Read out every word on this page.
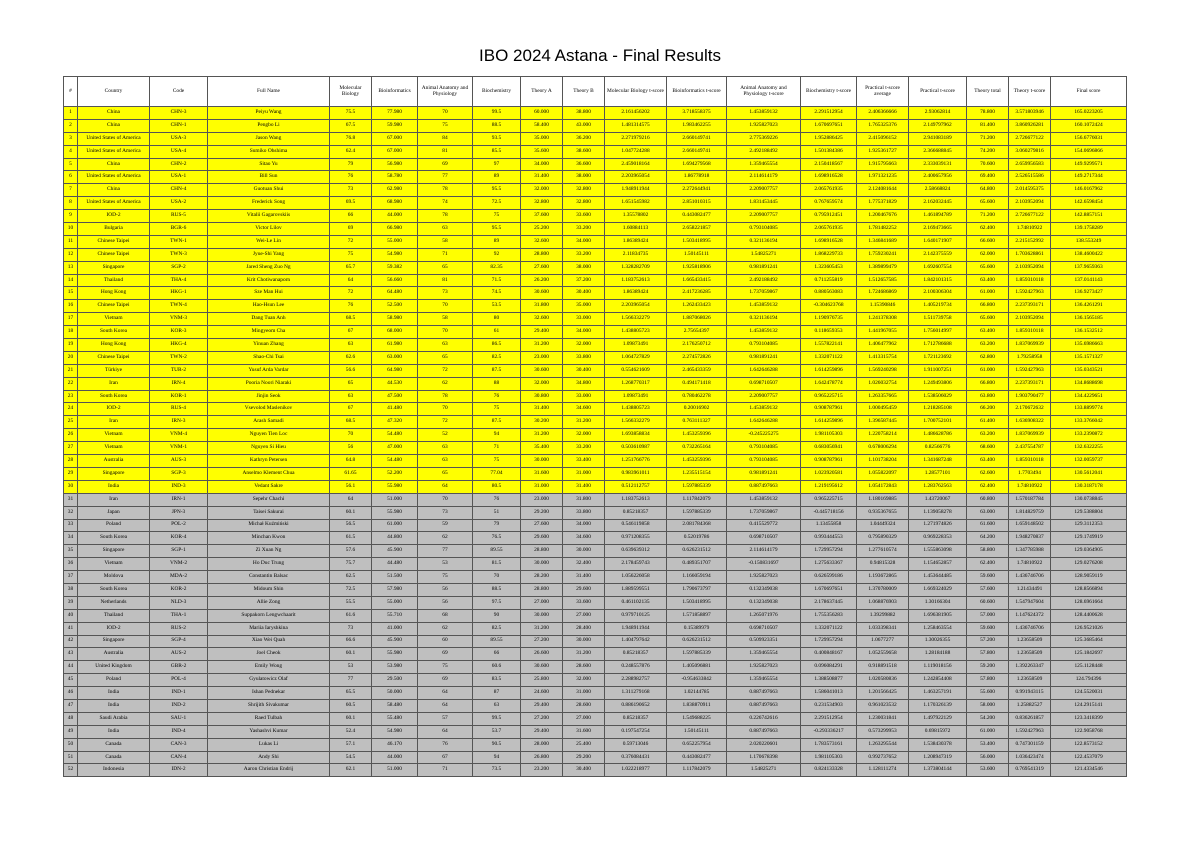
IBO 2024 Astana - Final Results
#	Country	Code	Full Name	Molecular Biology	Bioinformatics	Animal Anatomy and Physiology	Biochemistry	Theory A	Theory B	Molecular Biology t-score	Bioinformatics t-score	Animal Anatomy and Physiology t-score	Biochemistry t-score	Practical t-score average	Practical t-score	Theory total	Theory t-score	Final score
1	China	CHN-3	Peiyu Wang	75.5	77.980	70	99.5	60.000	38.800	2.161456202	3.718558375	1.453859132	2.291512954	2.406366666	2.93062814	78.800	3.571803946	165.0223205
2	China	CHN-1	Pengbo Li	67.5	59.980	75	88.5	58.400	43.000	1.481314575	1.983462255	1.925827023	1.670697651	1.765325376	2.149797962	81.400	3.860926281	160.1072424
3	United States of America	USA-3	Jason Wang	76.8	67.000	84	93.5	35.000	36.200	2.271979216	2.660149741	2.775369226	1.952886425	2.415096152	2.941083189	71.200	2.726677122	156.6776031
4	United States of America	USA-4	Sumiko Ohshima	62.4	67.000	81	85.5	35.600	38.600	1.047724288	2.660149741	2.492188492	1.501384386	1.925361727	2.366688845	74.200	3.060279816	154.0696866
5	China	CHN-2	Sitao Yu	79	56.980	69	97	34.000	36.600	2.459018164	1.694279568	1.359465554	2.150418567	1.915795663	2.333039131	70.600	2.659956583	149.9299571
6	United States of America	USA-1	Bill Sun	76	58.780	77	89	31.400	38.000	2.203965054	1.86778918	2.114614179	1.698916528	1.971321235	2.400657956	69.400	2.526515586	149.2717344
7	China	CHN-4	Guotuan Shui	73	62.980	78	95.5	32.000	32.800	1.948911944	2.272644941	2.209007757	2.065761935	2.124081644	2.58668824	64.800	2.014595375	146.0167962
8	United States of America	USA-2	Frederick Song	69.5	68.980	74	72.5	32.800	32.800	1.651545982	2.851010315	1.831453445	0.767659574	1.775371829	2.162032445	65.600	2.103952094	142.6598454
9	IOD-2	RUS-5	Vitalii Gagarovskiis	66	44.000	78	75	37.600	33.600	1.35578802	0.443082477	2.209007757	0.795912451	1.200467676	1.461894789	71.200	2.726677122	142.8857151
10	Bulgaria	BGR-6	Victor Lilov	69	66.980	63	95.5	25.200	33.200	1.60884113	2.658221857	0.793104085	2.065761935	1.781482252	2.169473665	62.400	1.74810922	139.1758289
11	Chinese Taipei	TWN-1	Wei-Le Lin	72	55.000	58	89	32.600	34.000	1.86389424	1.503418995	0.321136194	1.698916528	1.346841689	1.640171907	66.600	2.215152992	138.553249
12	Chinese Taipei	TWN-3	Jyue-Shi Yang	75	54.980	71	92	28.800	33.200	2.11834735	1.50145111	1.54825271	1.868229733	1.759230241	2.142375559	62.000	1.703628861	138.4600422
13	Singapore	SGP-2	Jared Sheng Zuo Ng	65.7	59.382	65	82.35	27.600	38.000	1.328282709	1.925818906	0.981891241	1.323605453	1.389899479	1.692607554	65.600	2.103952094	137.9659363
14	Thailand	THA-4	Krit Chotiwanaporn	64	56.660	81	71.5	26.200	37.200	1.183752613	1.665433415	2.492188492	0.711255819	1.512657585	1.842101315	63.400	1.859310118	137.0141143
15	Hong Kong	HKG-1	Sze Man Hui	72	64.480	73	74.5	30.600	30.400	1.86389424	2.417236285	1.737059867	0.880563083	1.724686869	2.100306304	61.000	1.592427963	136.9273427
16	Chinese Taipei	TWN-4	Hao-Hsun Lee	76	52.500	70	53.5	31.800	35.000	2.203965054	1.262433423	1.453859132	-0.304623768	1.15390846	1.405219734	66.800	2.237393171	136.4261291
17	Vietnam	VNM-3	Dang Tuan Anh	68.5	58.980	58	80	32.600	33.000	1.566332279	1.887068026	0.321136194	1.190976735	1.241378308	1.511739758	65.600	2.103952094	136.1565185
18	South Korea	KOR-3	Mingyeom Cha	67	68.000	70	61	29.400	34.000	1.438805723	2.75654397	1.453859132	0.118659353	1.441967055	1.756014997	63.400	1.859310118	136.1532512
19	Hong Kong	HKG-4	Yinuan Zhang	63	61.980	63	86.5	31.200	32.000	1.09873491	2.176250712	0.793104085	1.557822141	1.406477962	1.712786688	63.200	1.837069939	135.6986663
20	Chinese Taipei	TWN-2	Shao-Chi Tsai	62.6	63.000	65	82.5	23.000	33.800	1.064727829	2.274572826	0.981891241	1.332071122	1.413315754	1.721123692	62.800	1.79258958	135.1571327
21	Türkiye	TUR-2	Yusuf Arda Vardar	56.6	64.980	72	87.5	30.600	30.400	0.554621609	2.465433359	1.642646288	1.614259896	1.569240298	1.911007251	61.000	1.592427963	135.0343521
22	Iran	IRN-4	Pooria Noori Niaraki	65	44.530	62	88	32.000	34.800	1.268770317	0.494171418	0.698710507	1.642478774	1.026032754	1.249493806	66.800	2.237393171	134.8688698
23	South Korea	KOR-1	Jinjin Seok	63	47.500	78	76	30.800	33.000	1.09873491	0.780462278	2.209007757	0.965225715	1.263357665	1.538506029	63.800	1.903790477	134.4229651
24	IOD-2	RUS-4	Vsevolod Maslenikov	67	41.480	70	75	31.400	34.600	1.438805723	0.20016902	1.453859132	0.908787961	1.000495459	1.218285108	66.200	2.170672632	133.8899774
25	Iran	IRN-3	Arash Samadi	68.5	47.320	72	87.5	30.200	31.200	1.566332279	0.763111327	1.642646288	1.614259896	1.396587445	1.700752101	61.400	1.636908322	133.3766042
26	Vietnam	VNM-4	Nguyen Tien Loc	70	54.480	52	94	31.200	32.000	1.693858834	1.453259396	-0.245225275	1.981105303	1.220758214	1.486628786	63.200	1.837069939	133.2390872
27	Vietnam	VNM-1	Nguyen Si Hieu	56	47.000	63	71	35.400	33.200	0.503610987	0.732265164	0.793104085	0.683056941	0.678006294	0.82566776	68.600	2.437554787	132.6322255
28	Australia	AUS-3	Kathryn Petersen	64.8	54.480	63	75	30.000	33.400	1.251766776	1.453259396	0.793104085	0.908787961	1.101738204	1.341687248	63.400	1.859310118	132.0059737
29	Singapore	SGP-3	Anselmo Klement Chua	61.65	52.200	65	77.04	31.600	31.000	0.983961011	1.235515154	0.981891241	1.023920581	1.055822097	1.28577101	62.600	1.7703494	130.5612041
30	India	IND-3	Vedant Sakre	56.1	55.980	64	80.5	31.000	31.400	0.512112757	1.597885339	0.887497663	1.219195612	1.054172843	1.283762563	62.400	1.74810922	130.3187178
31	Iran	IRN-1	Sepehr Chachi	64	51.000	70	76	23.000	31.800	1.183752613	1.117842079	1.453859132	0.965225715	1.180169885	1.43720067	60.800	1.570187784	130.0738845
32	Japan	JPN-3	Taisei Sakurai	60.1	55.980	73	51	29.200	33.800	0.85218357	1.597885339	1.737059867	-0.445718156	0.935367655	1.139058278	63.000	1.814829759	129.5388804
33	Poland	POL-2	Michał Kuźmiński	56.5	61.000	59	79	27.600	34.000	0.546119858	2.081784368	0.415529772	1.13455858	1.04449324	1.271974826	61.600	1.659148502	129.3112353
34	South Korea	KOR-4	Minchan Kwon	61.5	44.800	62	76.5	29.600	34.600	0.971208355	0.52019786	0.698710507	0.993444553	0.795890329	0.969228353	64.200	1.948270837	129.1749919
35	Singapore	SGP-1	Zi Xuan Ng	57.6	45.900	77	89.55	28.800	30.000	0.639639312	0.626231512	2.114614179	1.729957294	1.277610574	1.555863098	58.800	1.347785988	129.0364905
36	Vietnam	VNM-2	Ho Duc Trung	75.7	44.480	53	81.5	30.000	32.400	2.178459743	0.489351707	-0.150831697	1.275633367	0.94815328	1.154652857	62.400	1.74810922	129.0276208
37	Moldova	MDA-2	Constantin Balsac	62.5	51.500	75	70	28.200	31.400	1.056226058	1.166059194	1.925827023	0.626599186	1.193672865	1.453644485	59.600	1.436746706	128.9059119
38	South Korea	KOR-2	Midoum Shin	72.5	57.980	56	88.5	28.800	29.600	1.889599551	1.790673797	0.132349038	1.670697651	1.370780009	1.669324029	57.600	1.21434491	128.8566894
39	Netherlands	NLD-3	Allie Zong	55.5	55.000	56	97.5	27.000	33.600	0.461102135	1.503418995	0.132349038	2.178637445	1.068876903	1.30166304	60.600	1.547947604	128.6961664
40	Thailand	THA-1	Suppakorn Lengwchaarit	61.6	55.710	68	90	30.000	27.000	0.979710125	1.571858897	1.265071976	1.755356283	1.39299882	1.696381905	57.000	1.147624372	128.4400628
41	IOD-2	RUS-2	Mariia Iaryshkina	73	41.000	62	82.5	31.200	28.400	1.948911944	0.15389979	0.698710507	1.332071122	1.033398341	1.258463554	59.600	1.436746706	126.9521026
42	Singapore	SGP-4	Xiao Wei Quah	66.6	45.900	60	89.55	27.200	30.000	1.404797642	0.626231512	0.509923351	1.729957294	1.0677277	1.30026355	57.200	1.23658509	125.3685464
43	Australia	AUS-2	Joel Cheok	60.1	55.980	69	66	26.600	31.200	0.85218357	1.597885339	1.359465554	0.400848167	1.052559658	1.28184188	57.800	1.23658509	125.1842697
44	United Kingdom	GBR-2	Emily Wong	53	53.980	75	60.6	30.600	28.600	0.248557876	1.405096881	1.925827023	0.096084291	0.918891518	1.119018156	59.200	1.392263347	125.1128448
45	Poland	POL-4	Gyulatowicz Olaf	77	29.500	69	83.5	25.800	32.000	2.288982757	-0.954633842	1.359465554	1.388508877	1.020580836	1.242854408	57.800	1.23658509	124.794396
46	India	IND-1	Ishan Pednekar	65.5	50.000	64	87	24.600	31.000	1.311279168	1.02144785	0.887497663	1.586041013	1.201566425	1.463257191	55.600	0.991943115	124.5520031
47	India	IND-2	Shrijith Sivakumar	60.5	58.480	64	63	29.400	28.600	0.886190652	1.838870911	0.887497663	0.231534903	0.961023532	1.170326139	58.000	1.25882527	124.2915141
48	Saudi Arabia	SAU-1	Raed Tulbah	60.1	55.480	57	99.5	27.200	27.000	0.85218357	1.549688225	0.226742616	2.291512954	1.230031841	1.497922129	54.200	0.836261857	123.3418399
49	India	IND-4	Yashashvi Kumar	52.4	54.980	64	53.7	29.400	31.600	0.197547254	1.50145111	0.887497663	-0.293336217	0.573299953	0.69815972	61.000	1.592427963	122.9058768
50	Canada	CAN-3	Lukas Li	57.1	46.170	76	90.5	28.000	25.400	0.59713046	0.652257954	2.020220601	1.783573161	1.263295544	1.538430378	53.400	0.747301159	122.8573152
51	Canada	CAN-4	Andy Shi	54.5	44.000	67	94	26.800	29.200	0.376084431	0.443082477	1.170678398	1.981105303	0.992737652	1.208947319	56.000	1.036423474	122.4537079
52	Indonesia	IDN-2	Aaron Christian Endrij	62.1	51.000	71	73.5	23.200	30.400	1.022218977	1.117842079	1.54825271	0.824133328	1.128111274	1.373804144	53.600	0.769541319	121.4334546
